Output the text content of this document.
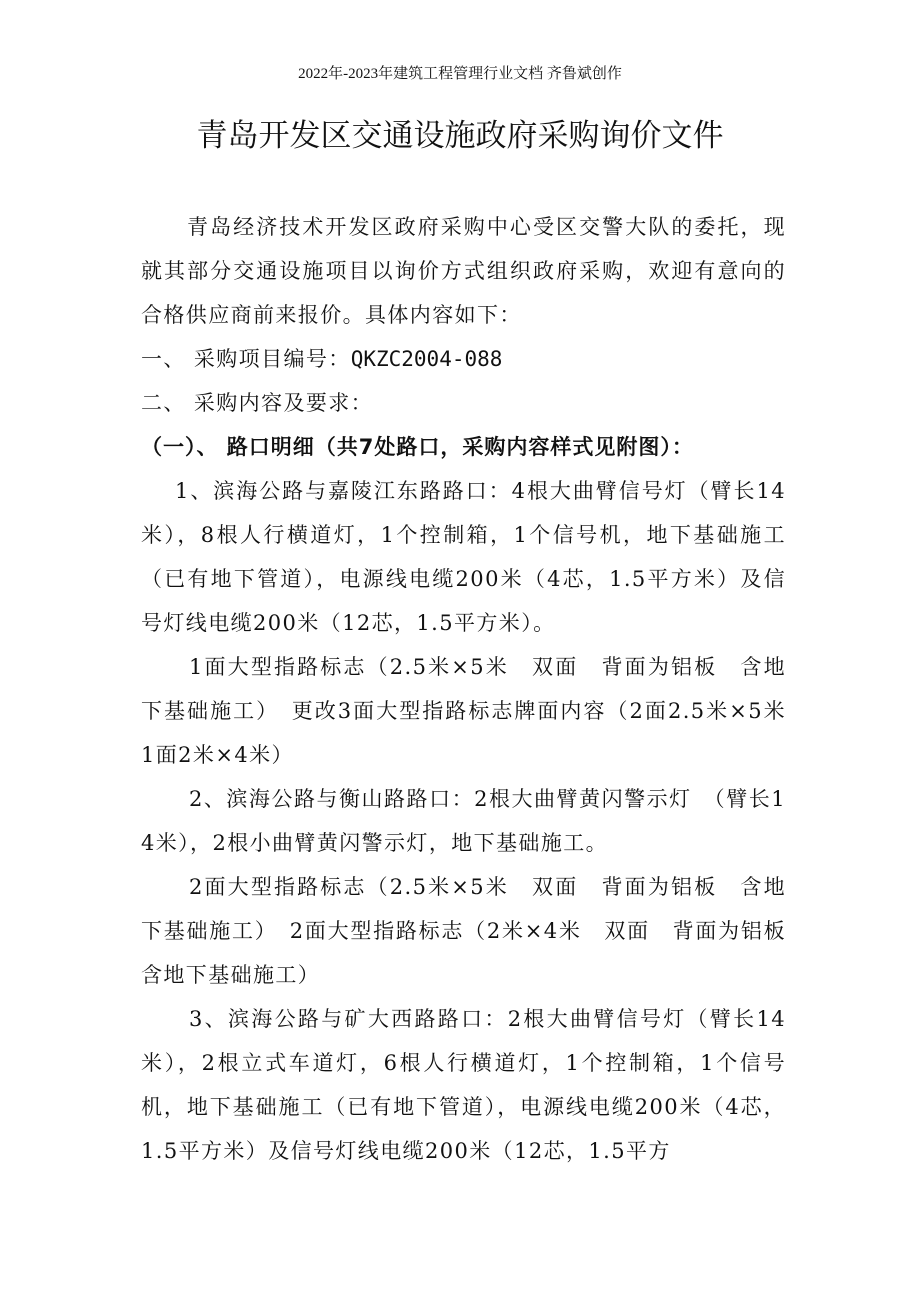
2022年-2023年建筑工程管理行业文档 齐鲁斌创作
青岛开发区交通设施政府采购询价文件

青岛经济技术开发区政府采购中心受区交警大队的委托，现就其部分交通设施项目以询价方式组织政府采购，欢迎有意向的合格供应商前来报价。具体内容如下：

一、 采购项目编号：QKZC2004-088

二、 采购内容及要求：

（一）、 路口明细（共7处路口，采购内容样式见附图）：

1、滨海公路与嘉陵江东路路口：4根大曲臂信号灯（臂长14米），8根人行横道灯，1个控制箱，1个信号机，地下基础施工（已有地下管道），电源线电缆200米（4芯，1.5平方米）及信号灯线电缆200米（12芯，1.5平方米）。

1面大型指路标志（2.5米×5米　双面　背面为铝板　含地下基础施工）　更改3面大型指路标志牌面内容（2面2.5米×5米　1面2米×4米）

2、滨海公路与衡山路路口：2根大曲臂黄闪警示灯　（臂长14米），2根小曲臂黄闪警示灯，地下基础施工。

2面大型指路标志（2.5米×5米　双面　背面为铝板　含地下基础施工）　2面大型指路标志（2米×4米　双面　背面为铝板　含地下基础施工）

3、滨海公路与矿大西路路口：2根大曲臂信号灯（臂长14米），2根立式车道灯，6根人行横道灯，1个控制箱，1个信号机，地下基础施工（已有地下管道），电源线电缆200米（4芯，1.5平方米）及信号灯线电缆200米（12芯，1.5平方
